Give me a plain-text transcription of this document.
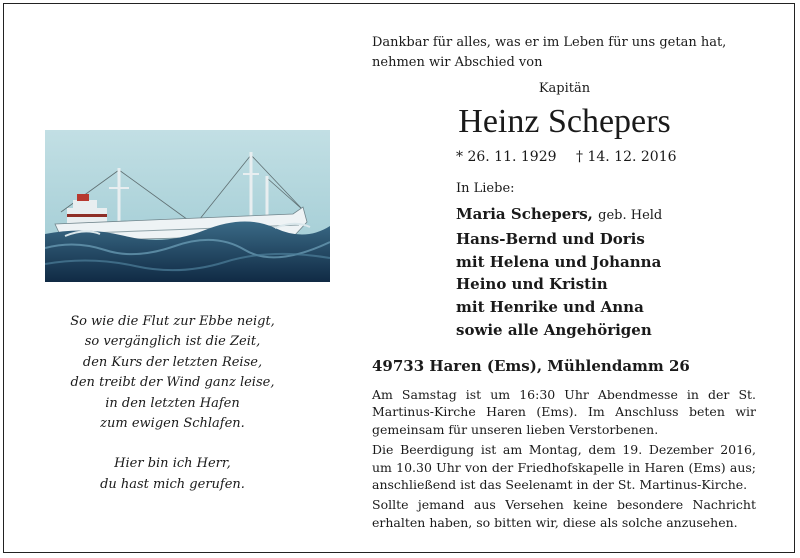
So wie die Flut zur Ebbe neigt,
so vergänglich ist die Zeit,
den Kurs der letzten Reise,
den treibt der Wind ganz leise,
in den letzten Hafen
zum ewigen Schlafen.
Hier bin ich Herr,
du hast mich gerufen.
Dankbar für alles, was er im Leben für uns getan hat,
nehmen wir Abschied von
Kapitän
Heinz Schepers
* 26. 11. 1929 † 14. 12. 2016
In Liebe:
Maria Schepers, geb. Held
Hans-Bernd und Doris
mit Helena und Johanna
Heino und Kristin
mit Henrike und Anna
sowie alle Angehörigen
49733 Haren (Ems), Mühlendamm 26

Am Samstag ist um 16:30 Uhr Abendmesse in der St. Martinus-Kirche Haren (Ems). Im Anschluss beten wir gemeinsam für unseren lieben Verstorbenen.

Die Beerdigung ist am Montag, dem 19. Dezember 2016, um 10.30 Uhr von der Friedhofskapelle in Haren (Ems) aus; anschließend ist das Seelenamt in der St. Martinus-Kirche.

Sollte jemand aus Versehen keine besondere Nachricht erhalten haben, so bitten wir, diese als solche anzusehen.
